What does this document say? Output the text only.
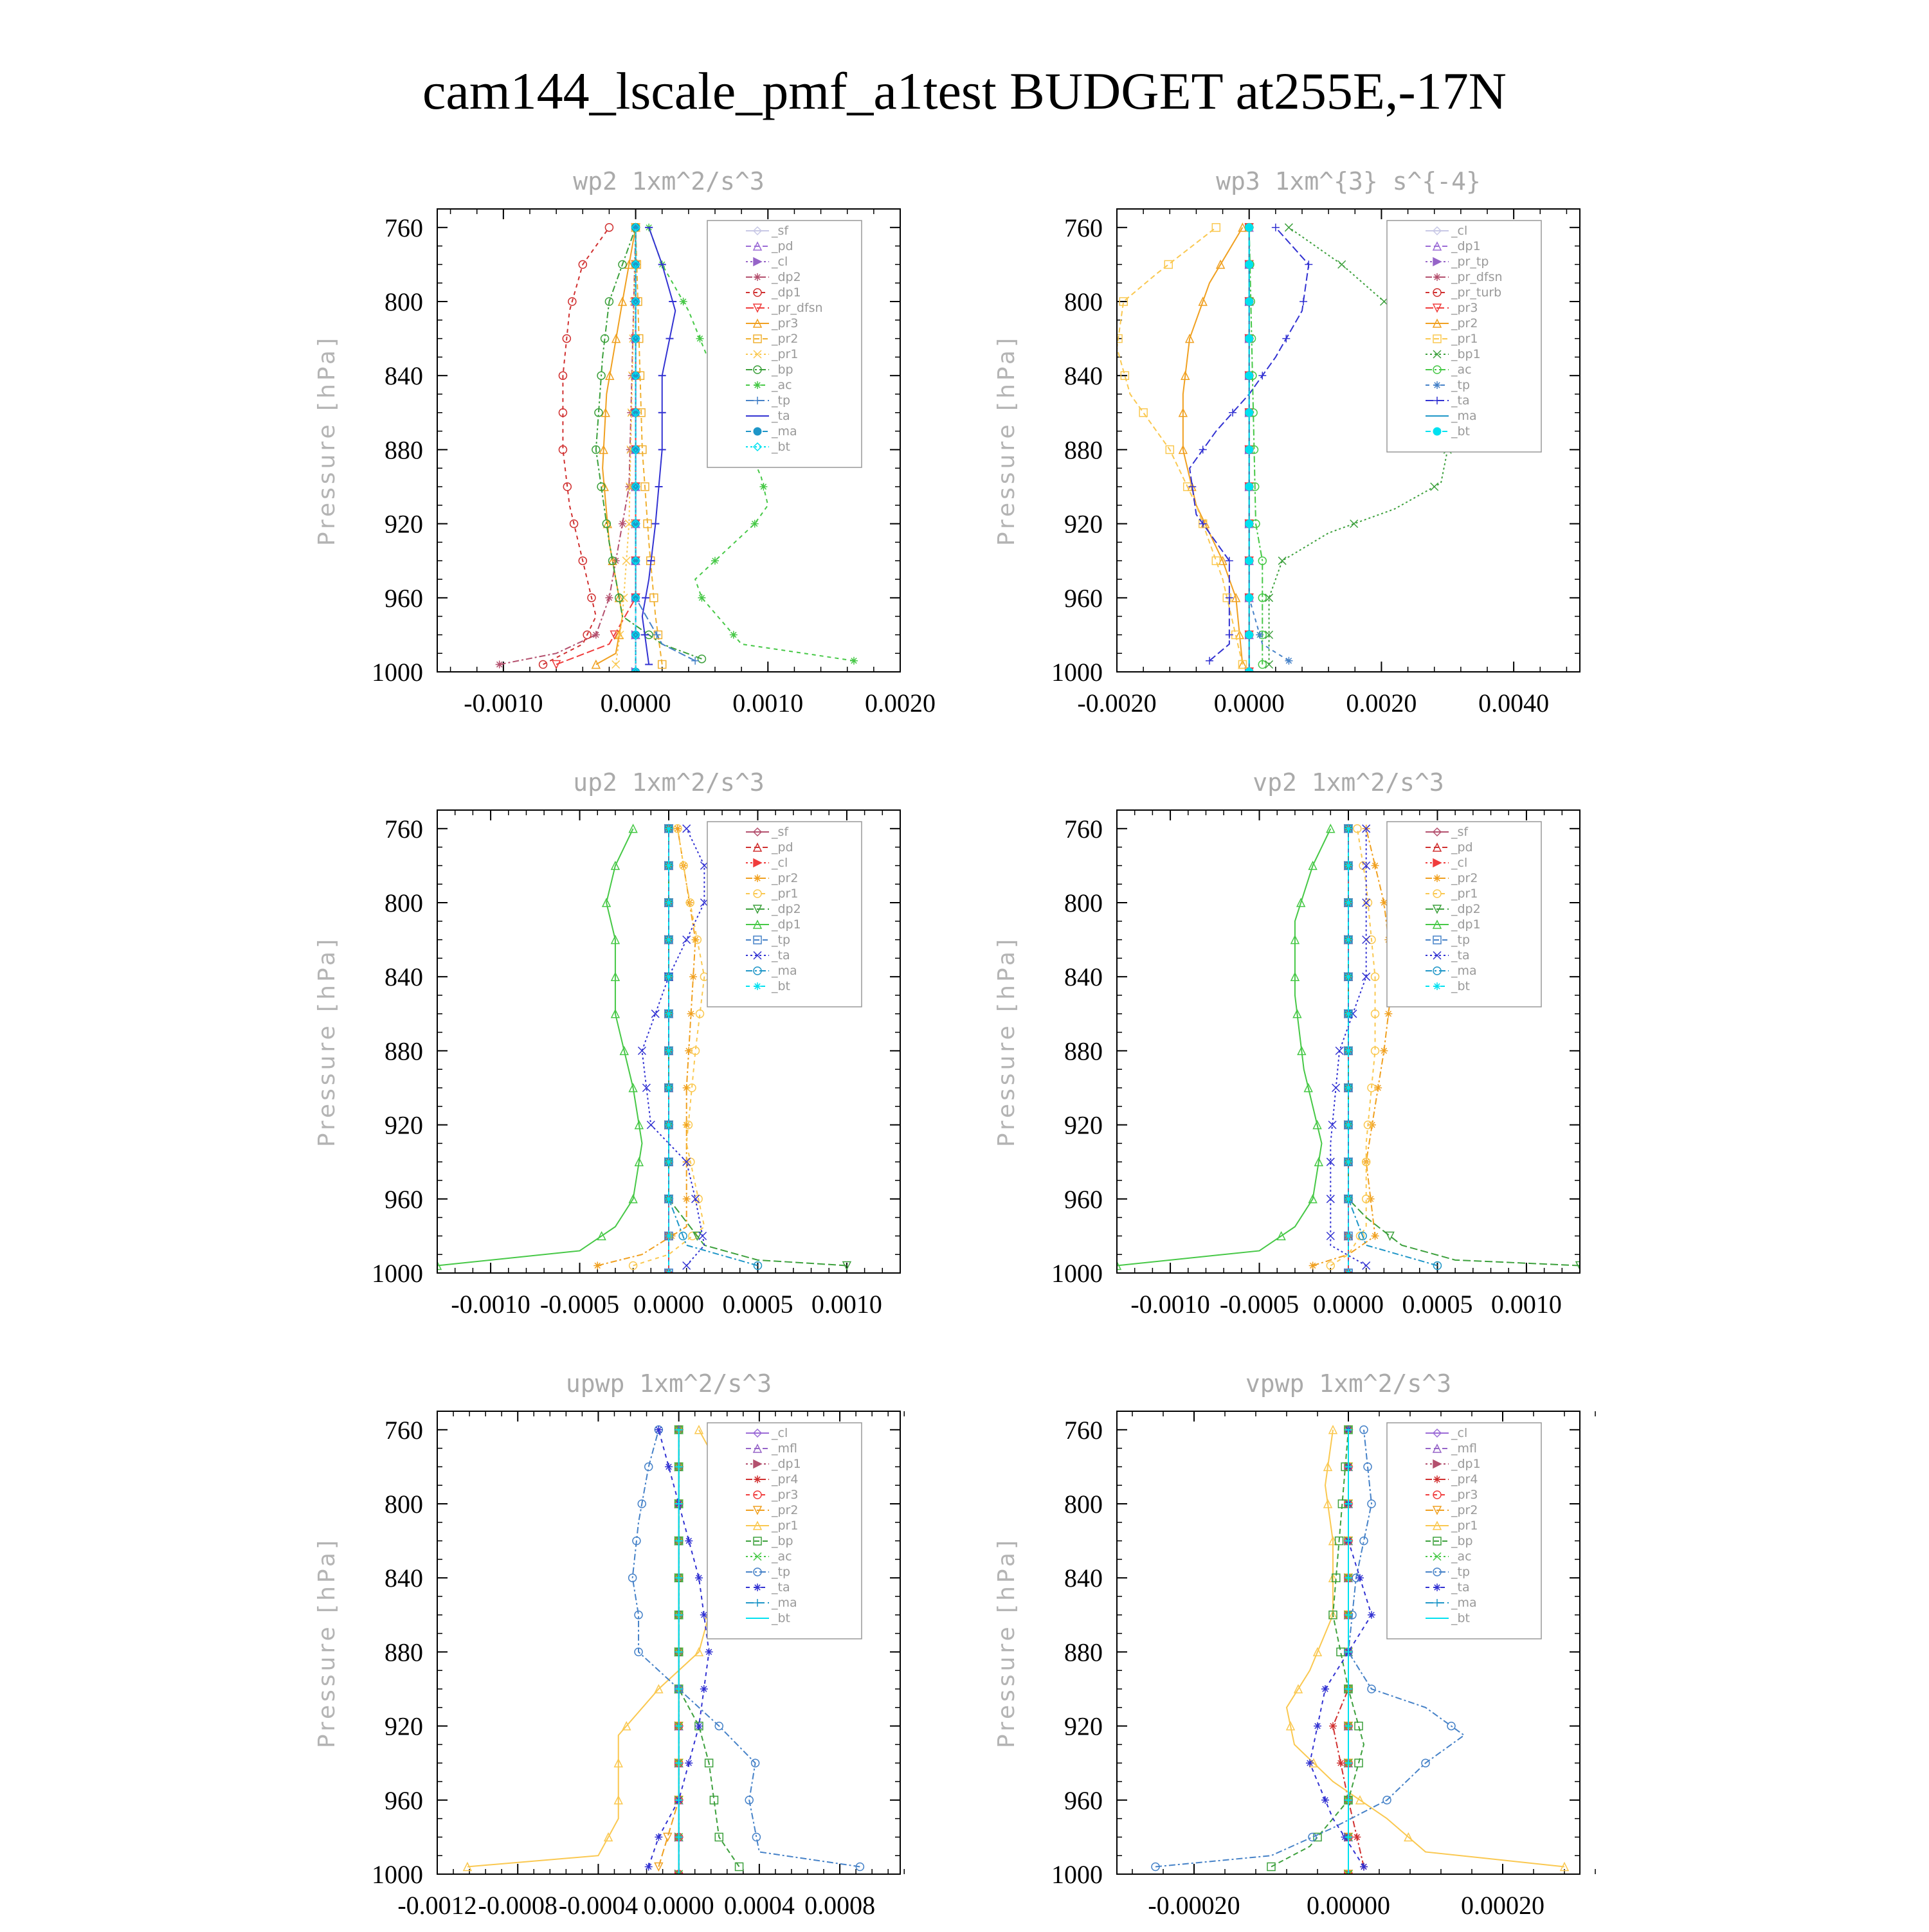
cam144_lscale_pmf_a1test BUDGET at255E,-17N
wp2 1xm^2/s^3
Pressure [hPa]
760
800
840
880
920
960
1000
-0.0010 0.0000 0.0010 0.0020
_sf
_pd
_cl
_dp2
_dp1
_pr_dfsn
_pr3
_pr2
_pr1
_bp
_ac
_tp
_ta
_ma
_bt
wp3 1xm^{3} s^{-4}
Pressure [hPa]
760
800
840
880
920
960
1000
-0.0020 0.0000 0.0020 0.0040
_cl
_dp1
_pr_tp
_pr_dfsn
_pr_turb
_pr3
_pr2
_pr1
_bp1
_ac
_tp
_ta
_ma
_bt
up2 1xm^2/s^3
Pressure [hPa]
760
800
840
880
920
960
1000
-0.0010 -0.0005 0.0000 0.0005 0.0010
_sf
_pd
_cl
_pr2
_pr1
_dp2
_dp1
_tp
_ta
_ma
_bt
vp2 1xm^2/s^3
Pressure [hPa]
760
800
840
880
920
960
1000
-0.0010 -0.0005 0.0000 0.0005 0.0010
_sf
_pd
_cl
_pr2
_pr1
_dp2
_dp1
_tp
_ta
_ma
_bt
upwp 1xm^2/s^3
Pressure [hPa]
760
800
840
880
920
960
1000
-0.0012 -0.0008 -0.0004 0.0000 0.0004 0.0008
_cl
_mfl
_dp1
_pr4
_pr3
_pr2
_pr1
_bp
_ac
_tp
_ta
_ma
_bt
vpwp 1xm^2/s^3
Pressure [hPa]
760
800
840
880
920
960
1000
-0.00020	0.00000	0.00020
_cl
_mfl
_dp1
_pr4
_pr3
_pr2
_pr1
_bp
_ac
_tp
_ta
_ma
_bt
